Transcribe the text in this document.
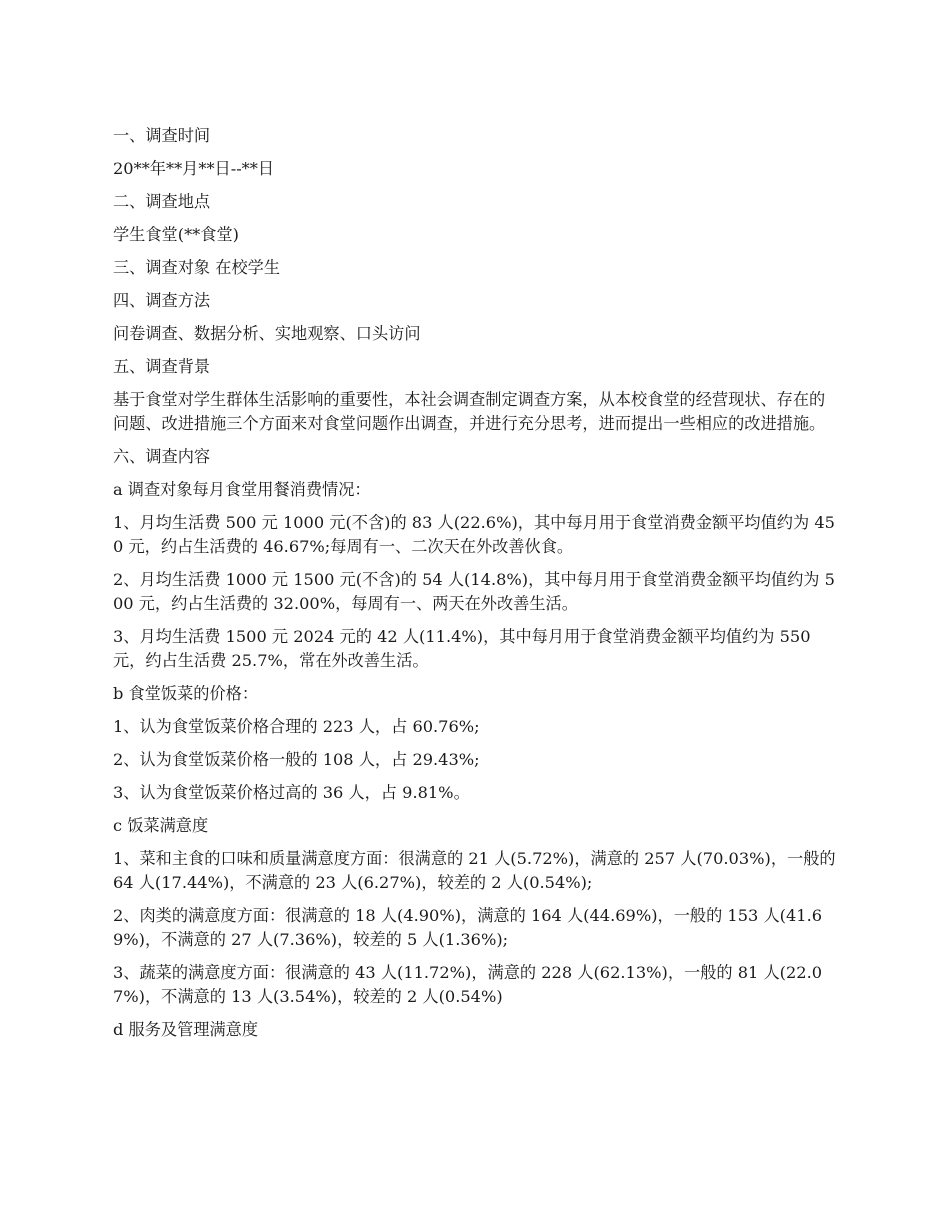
一、调查时间

20**年**月**日--**日

二、调查地点

学生食堂(**食堂)

三、调查对象 在校学生

四、调查方法

问卷调查、数据分析、实地观察、口头访问

五、调查背景

基于食堂对学生群体生活影响的重要性，本社会调查制定调查方案，从本校食堂的经营现状、存在的问题、改进措施三个方面来对食堂问题作出调查，并进行充分思考，进而提出一些相应的改进措施。

六、调查内容

a 调查对象每月食堂用餐消费情况：

1、月均生活费 500 元 1000 元(不含)的 83 人(22.6%)，其中每月用于食堂消费金额平均值约为 450 元，约占生活费的 46.67%;每周有一、二次天在外改善伙食。

2、月均生活费 1000 元 1500 元(不含)的 54 人(14.8%)，其中每月用于食堂消费金额平均值约为 500 元，约占生活费的 32.00%，每周有一、两天在外改善生活。

3、月均生活费 1500 元 2024 元的 42 人(11.4%)，其中每月用于食堂消费金额平均值约为 550 元，约占生活费 25.7%，常在外改善生活。

b 食堂饭菜的价格：

1、认为食堂饭菜价格合理的 223 人，占 60.76%;

2、认为食堂饭菜价格一般的 108 人，占 29.43%;

3、认为食堂饭菜价格过高的 36 人，占 9.81%。

c 饭菜满意度

1、菜和主食的口味和质量满意度方面：很满意的 21 人(5.72%)，满意的 257 人(70.03%)，一般的 64 人(17.44%)，不满意的 23 人(6.27%)，较差的 2 人(0.54%);

2、肉类的满意度方面：很满意的 18 人(4.90%)，满意的 164 人(44.69%)，一般的 153 人(41.69%)，不满意的 27 人(7.36%)，较差的 5 人(1.36%);

3、蔬菜的满意度方面：很满意的 43 人(11.72%)，满意的 228 人(62.13%)，一般的 81 人(22.07%)，不满意的 13 人(3.54%)，较差的 2 人(0.54%)

d 服务及管理满意度
